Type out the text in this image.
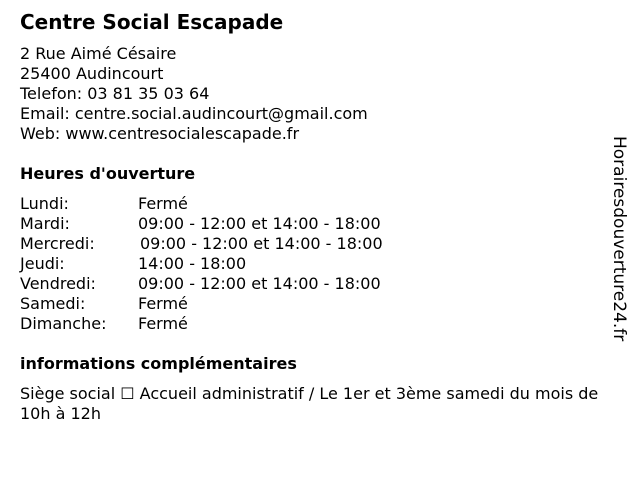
Centre Social Escapade
2 Rue Aimé Césaire
25400 Audincourt
Telefon: 03 81 35 03 64
Email: centre.social.audincourt@gmail.com
Web: www.centresocialescapade.fr
Heures d'ouverture
Lundi:	Fermé
Mardi:	09:00 - 12:00 et 14:00 - 18:00
Mercredi:	09:00 - 12:00 et 14:00 - 18:00
Jeudi:	14:00 - 18:00
Vendredi:	09:00 - 12:00 et 14:00 - 18:00
Samedi:	Fermé
Dimanche: Fermé
informations complémentaires
Siège social ☐ Accueil administratif / Le 1er et 3ème samedi du mois de 10h à 12h
Horairesdouverture24.fr
